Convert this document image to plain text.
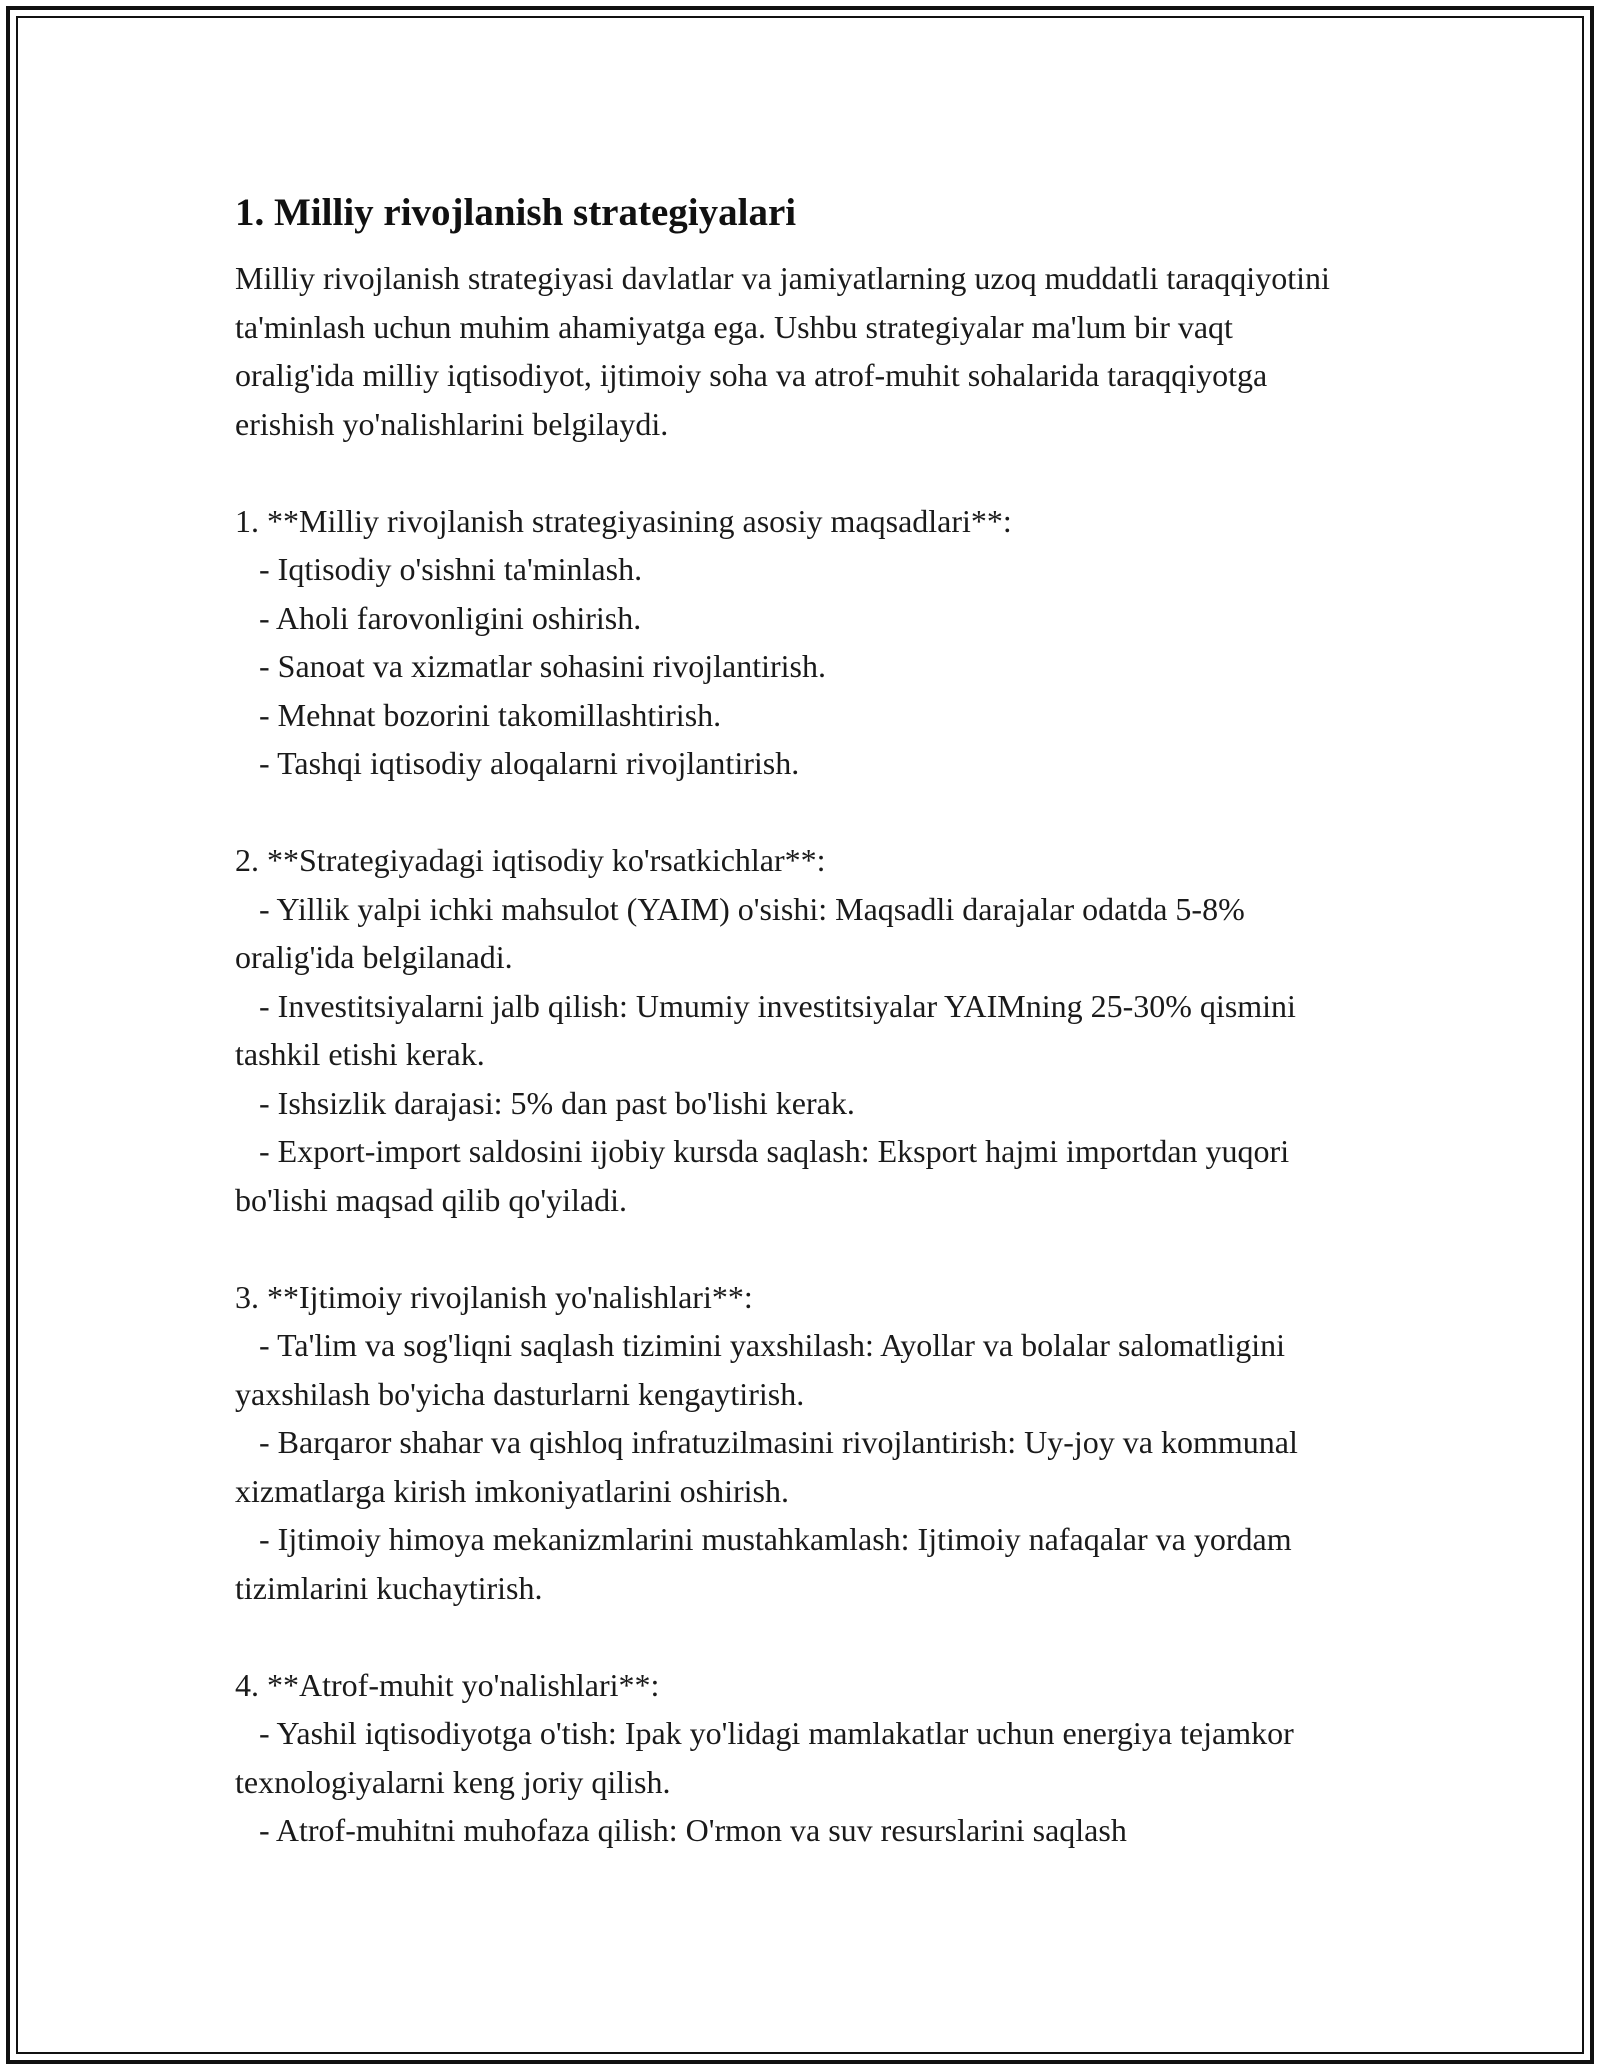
1. Milliy rivojlanish strategiyalari

Milliy rivojlanish strategiyasi davlatlar va jamiyatlarning uzoq muddatli taraqqiyotini ta'minlash uchun muhim ahamiyatga ega. Ushbu strategiyalar ma'lum bir vaqt oralig'ida milliy iqtisodiyot, ijtimoiy soha va atrof-muhit sohalarida taraqqiyotga erishish yo'nalishlarini belgilaydi.

1. **Milliy rivojlanish strategiyasining asosiy maqsadlari**:

- Iqtisodiy o'sishni ta'minlash.

- Aholi farovonligini oshirish.

- Sanoat va xizmatlar sohasini rivojlantirish.

- Mehnat bozorini takomillashtirish.

- Tashqi iqtisodiy aloqalarni rivojlantirish.

2. **Strategiyadagi iqtisodiy ko'rsatkichlar**:

- Yillik yalpi ichki mahsulot (YAIM) o'sishi: Maqsadli darajalar odatda 5-8% oralig'ida belgilanadi.

- Investitsiyalarni jalb qilish: Umumiy investitsiyalar YAIMning 25-30% qismini tashkil etishi kerak.

- Ishsizlik darajasi: 5% dan past bo'lishi kerak.

- Export-import saldosini ijobiy kursda saqlash: Eksport hajmi importdan yuqori bo'lishi maqsad qilib qo'yiladi.

3. **Ijtimoiy rivojlanish yo'nalishlari**:

- Ta'lim va sog'liqni saqlash tizimini yaxshilash: Ayollar va bolalar salomatligini yaxshilash bo'yicha dasturlarni kengaytirish.

- Barqaror shahar va qishloq infratuzilmasini rivojlantirish: Uy-joy va kommunal xizmatlarga kirish imkoniyatlarini oshirish.

- Ijtimoiy himoya mekanizmlarini mustahkamlash: Ijtimoiy nafaqalar va yordam tizimlarini kuchaytirish.

4. **Atrof-muhit yo'nalishlari**:

- Yashil iqtisodiyotga o'tish: Ipak yo'lidagi mamlakatlar uchun energiya tejamkor texnologiyalarni keng joriy qilish.

- Atrof-muhitni muhofaza qilish: O'rmon va suv resurslarini saqlash
